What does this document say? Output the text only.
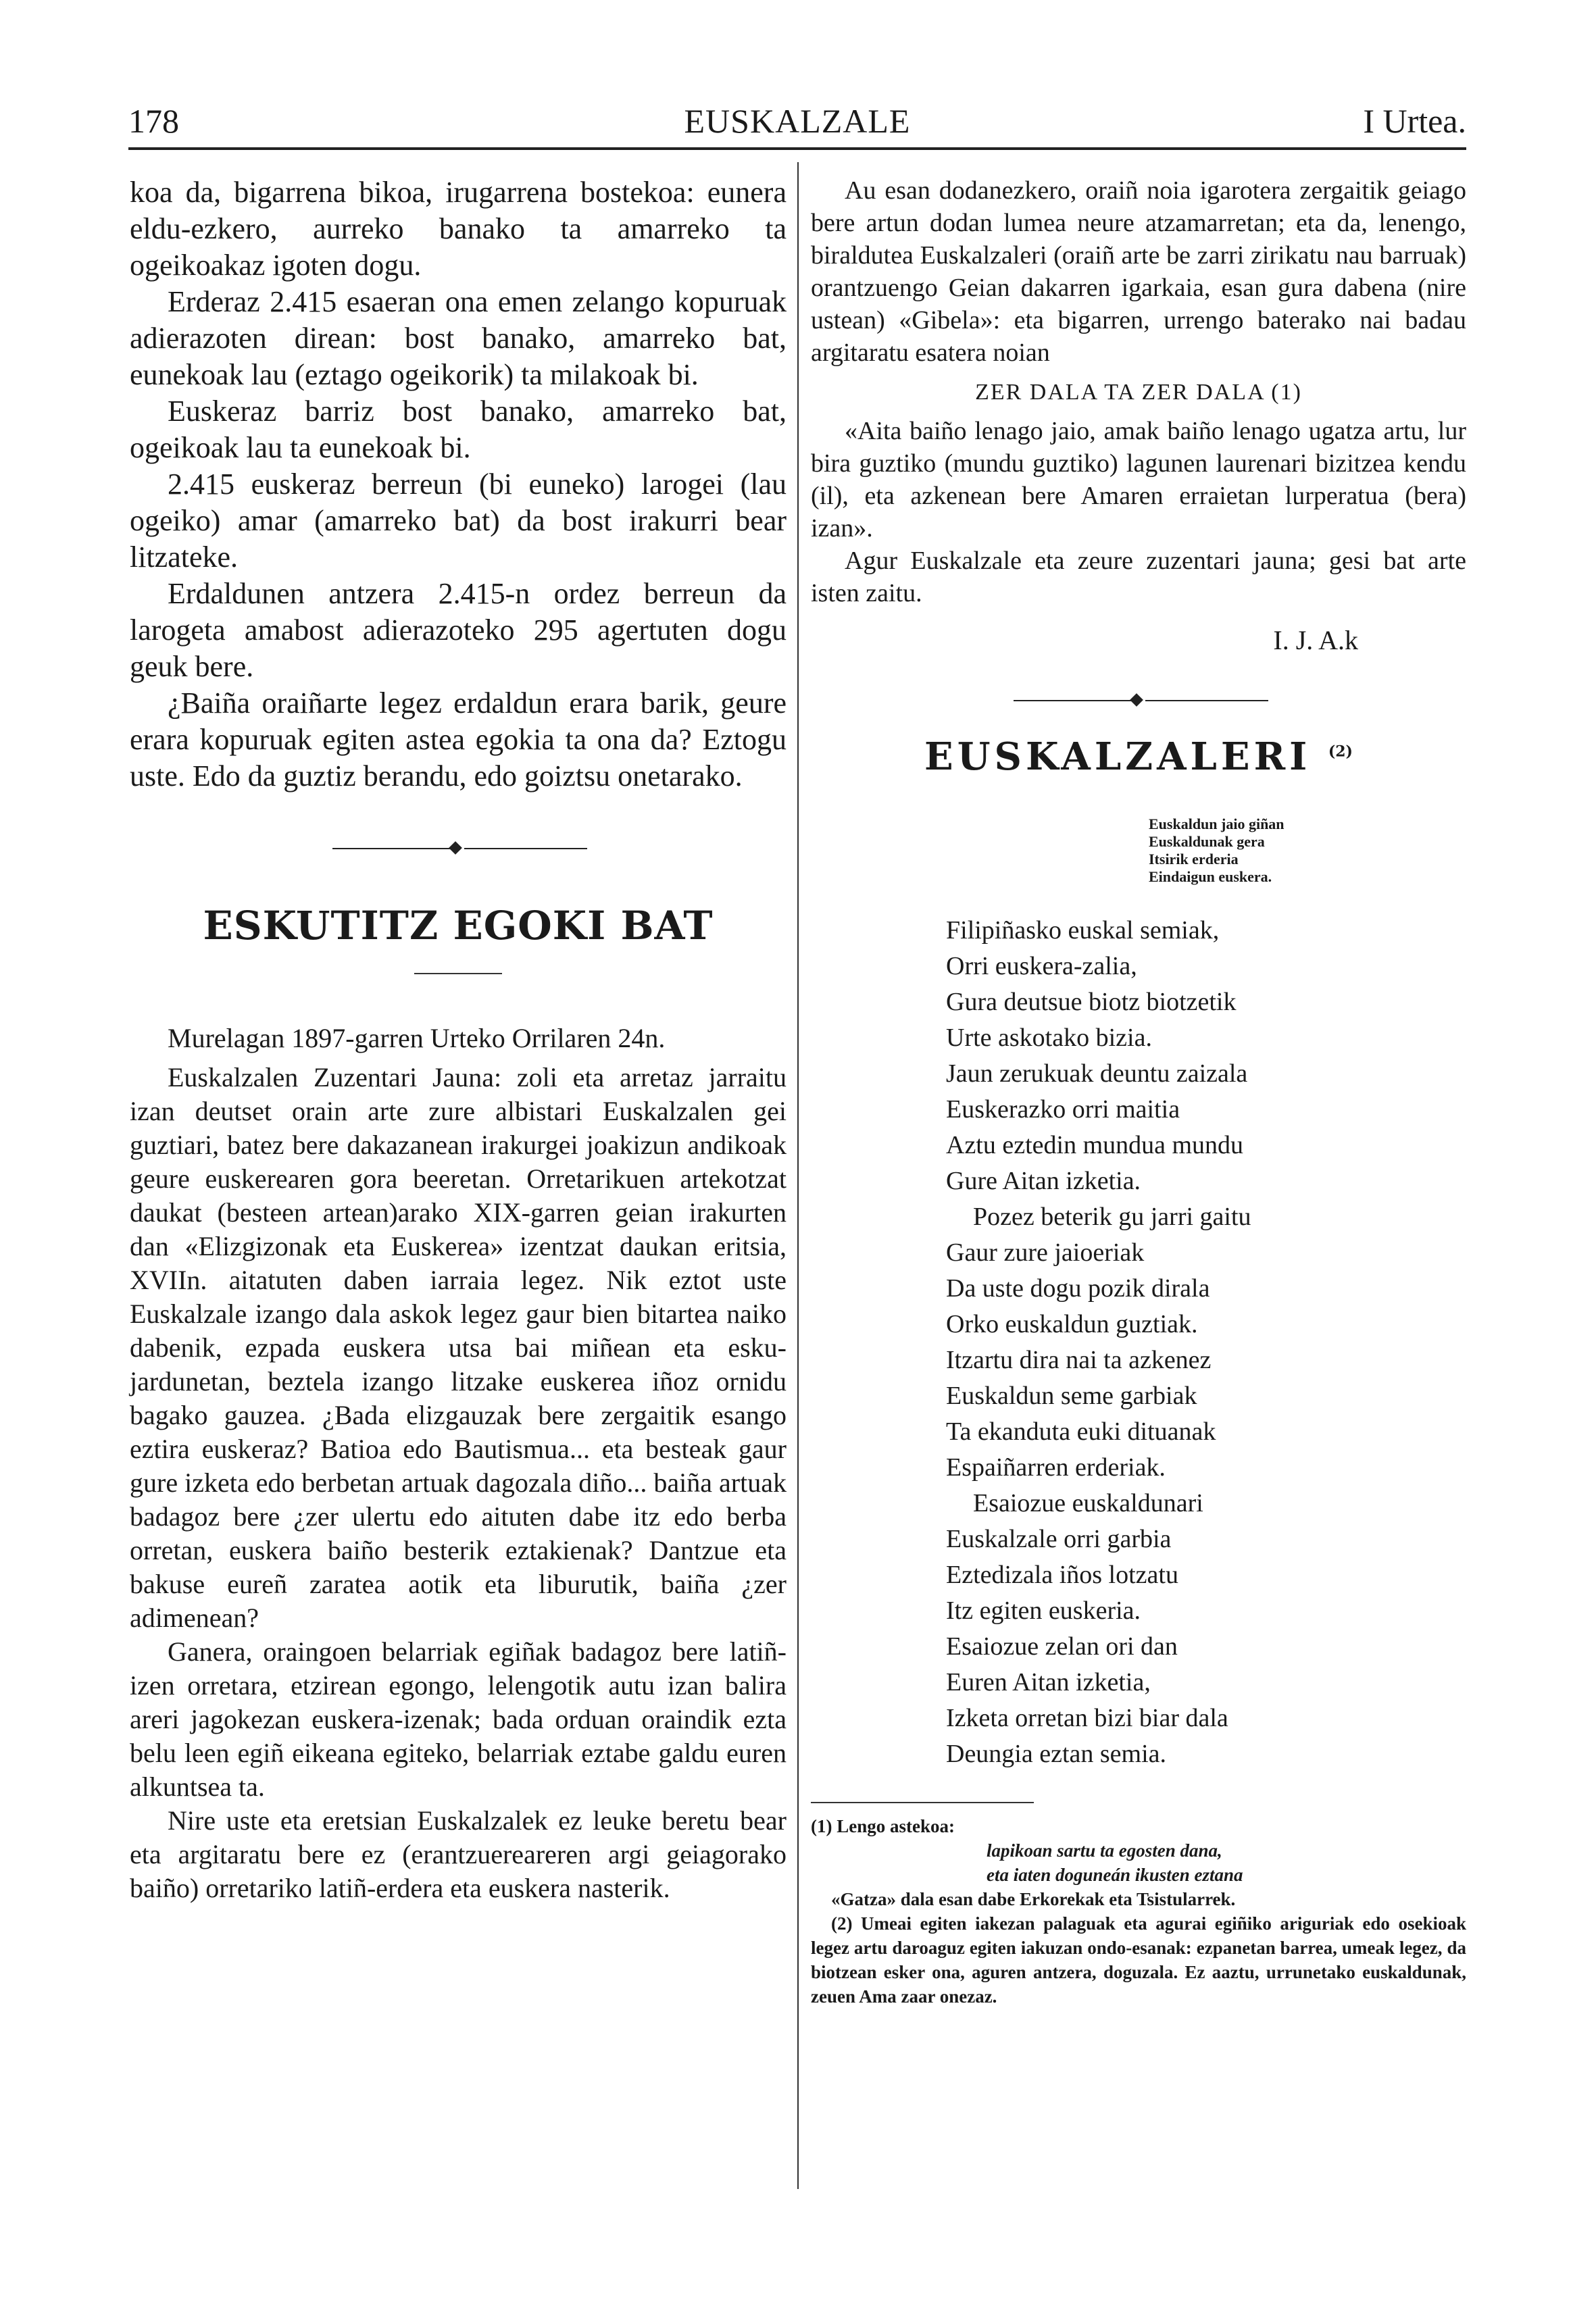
178	EUSKALZALE	I Urtea.

koa da, bigarrena bikoa, irugarrena bostekoa: eunera eldu-ezkero, aurreko banako ta amarreko ta ogeikoakaz igoten dogu.

Erderaz 2.415 esaeran ona emen zelango kopuruak adierazoten direan: bost banako, amarreko bat, eunekoak lau (eztago ogeikorik) ta milakoak bi.

Euskeraz barriz bost banako, amarreko bat, ogeikoak lau ta eunekoak bi.

2.415 euskeraz berreun (bi euneko) larogei (lau ogeiko) amar (amarreko bat) da bost irakurri bear litzateke.

Erdaldunen antzera 2.415-n ordez berreun da larogeta amabost adierazoteko 295 agertuten dogu geuk bere.

¿Baiña oraiñarte legez erdaldun erara barik, geure erara kopuruak egiten astea egokia ta ona da? Eztogu uste. Edo da guztiz berandu, edo goiztsu onetarako.

ESKUTITZ EGOKI BAT

Murelagan 1897-garren Urteko Orrilaren 24n.

Euskalzalen Zuzentari Jauna: zoli eta arretaz jarraitu izan deutset orain arte zure albistari Euskalzalen gei guztiari, batez bere dakazanean irakurgei joakizun andikoak geure euskerearen gora beeretan. Orretarikuen artekotzat daukat (besteen artean)arako XIX-garren geian irakurten dan «Elizgizonak eta Euskerea» izentzat daukan eritsia, XVIIn. aitatuten daben iarraia legez. Nik eztot uste Euskalzale izango dala askok legez gaur bien bitartea naiko dabenik, ezpada euskera utsa bai miñean eta esku-jardunetan, beztela izango litzake euskerea iñoz ornidu bagako gauzea. ¿Bada elizgauzak bere zergaitik esango eztira euskeraz? Batioa edo Bautismua... eta besteak gaur gure izketa edo berbetan artuak dagozala diño... baiña artuak badagoz bere ¿zer ulertu edo aituten dabe itz edo berba orretan, euskera baiño besterik eztakienak? Dantzue eta bakuse eureñ zaratea aotik eta liburutik, baiña ¿zer adimenean?

Ganera, oraingoen belarriak egiñak badagoz bere latiñ-izen orretara, etzirean egongo, lelengotik autu izan balira areri jagokezan euskera-izenak; bada orduan oraindik ezta belu leen egiñ eikeana egiteko, belarriak eztabe galdu euren alkuntsea ta.

Nire uste eta eretsian Euskalzalek ez leuke beretu bear eta argitaratu bere ez (erantzuereareren argi geiagorako baiño) orretariko latiñ-erdera eta euskera nasterik.

Au esan dodanezkero, oraiñ noia igarotera zergaitik geiago bere artun dodan lumea neure atzamarretan; eta da, lenengo, biraldutea Euskalzaleri (oraiñ arte be zarri zirikatu nau barruak) orantzuengo Geian dakarren igarkaia, esan gura dabena (nire ustean) «Gibela»: eta bigarren, urrengo baterako nai badau argitaratu esatera noian

ZER DALA TA ZER DALA (1)

«Aita baiño lenago jaio, amak baiño lenago ugatza artu, lur bira guztiko (mundu guztiko) lagunen laurenari bizitzea kendu (il), eta azkenean bere Amaren erraietan lurperatua (bera) izan».

Agur Euskalzale eta zeure zuzentari jauna; gesi bat arte isten zaitu.

I. J. A.k
EUSKALZALERI $^{(2)}$
Euskaldun jaio giñan
Euskaldunak gera
Itsirik erderia
Eindaigun euskera.
Filipiñasko euskal semiak,
Orri euskera-zalia,
Gura deutsue biotz biotzetik
Urte askotako bizia.
Jaun zerukuak deuntu zaizala
Euskerazko orri maitia
Aztu eztedin mundua mundu
Gure Aitan izketia.
Pozez beterik gu jarri gaitu
Gaur zure jaioeriak
Da uste dogu pozik dirala
Orko euskaldun guztiak.
Itzartu dira nai ta azkenez
Euskaldun seme garbiak
Ta ekanduta euki dituanak
Espaiñarren erderiak.
Esaiozue euskaldunari
Euskalzale orri garbia
Eztedizala iños lotzatu
Itz egiten euskeria.
Esaiozue zelan ori dan
Euren Aitan izketia,
Izketa orretan bizi biar dala
Deungia eztan semia.
(1) Lengo astekoa:
lapikoan sartu ta egosten dana,
eta iaten doguneán ikusten eztana

«Gatza» dala esan dabe Erkorekak eta Tsistularrek.

(2) Umeai egiten iakezan palaguak eta agurai egiñiko ariguriak edo osekioak legez artu daroaguz egiten iakuzan ondo-esanak: ezpanetan barrea, umeak legez, da biotzean esker ona, aguren antzera, doguzala. Ez aaztu, urrunetako euskaldunak, zeuen Ama zaar onezaz.
